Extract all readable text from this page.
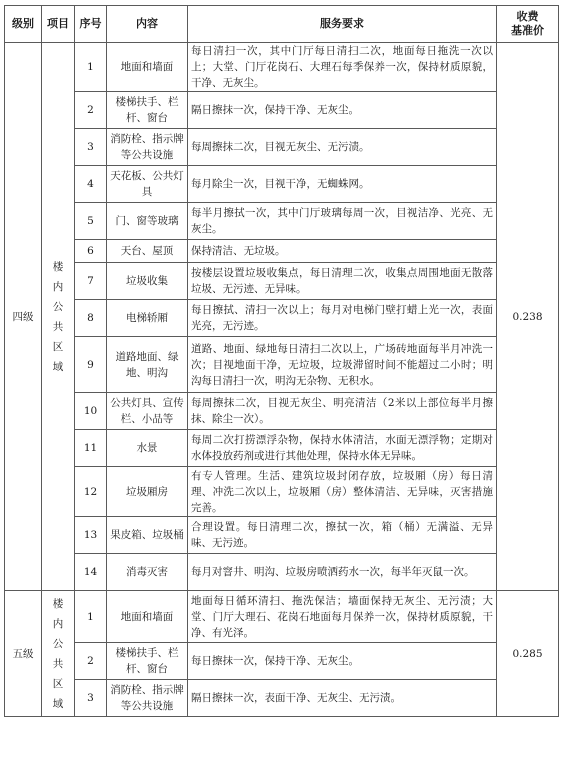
级别	项目	序号	内容	服务要求	收费
基准价
四级	楼内公共区域	1	地面和墙面	每日清扫一次，其中门厅每日清扫二次，地面每日拖洗一次以上；大堂、门厅花岗石、大理石每季保养一次，保持材质原貌，干净、无灰尘。	0.238
		2	楼梯扶手、栏杆、窗台	隔日擦抹一次，保持干净、无灰尘。	
		3	消防栓、指示牌等公共设施	每周擦抹二次，目视无灰尘、无污渍。	
		4	天花板、公共灯具	每月除尘一次，目视干净，无蜘蛛网。	
		5	门、窗等玻璃	每半月擦拭一次，其中门厅玻璃每周一次，目视洁净、光亮、无灰尘。	
		6	天台、屋顶	保持清洁、无垃圾。	
		7	垃圾收集	按楼层设置垃圾收集点，每日清理二次，收集点周围地面无散落垃圾、无污迹、无异味。	
		8	电梯轿厢	每日擦拭、清扫一次以上；每月对电梯门壁打蜡上光一次，表面光亮，无污迹。	
		9	道路地面、绿地、明沟	道路、地面、绿地每日清扫二次以上，广场砖地面每半月冲洗一次；目视地面干净，无垃圾，垃圾滞留时间不能超过二小时；明沟每日清扫一次，明沟无杂物、无积水。	
		10	公共灯具、宣传栏、小品等	每周擦抹二次，目视无灰尘、明亮清洁（2米以上部位每半月擦抹、除尘一次）。	
		11	水景	每周二次打捞漂浮杂物，保持水体清洁，水面无漂浮物；定期对水体投放药剂或进行其他处理，保持水体无异味。	
		12	垃圾厢房	有专人管理。生活、建筑垃圾封闭存放，垃圾厢（房）每日清理、冲洗二次以上，垃圾厢（房）整体清洁、无异味，灭害措施完善。	
		13	果皮箱、垃圾桶	合理设置。每日清理二次，擦拭一次，箱（桶）无满溢、无异味、无污迹。	
		14	消毒灭害	每月对窨井、明沟、垃圾房喷洒药水一次，每半年灭鼠一次。	
五级	楼内公共区域	1	地面和墙面	地面每日循环清扫、拖洗保洁；墙面保持无灰尘、无污渍；大堂、门厅大理石、花岗石地面每月保养一次，保持材质原貌，干净、有光泽。	0.285
		2	楼梯扶手、栏杆、窗台	每日擦抹一次，保持干净、无灰尘。	
		3	消防栓、指示牌等公共设施	隔日擦抹一次，表面干净、无灰尘、无污渍。	
